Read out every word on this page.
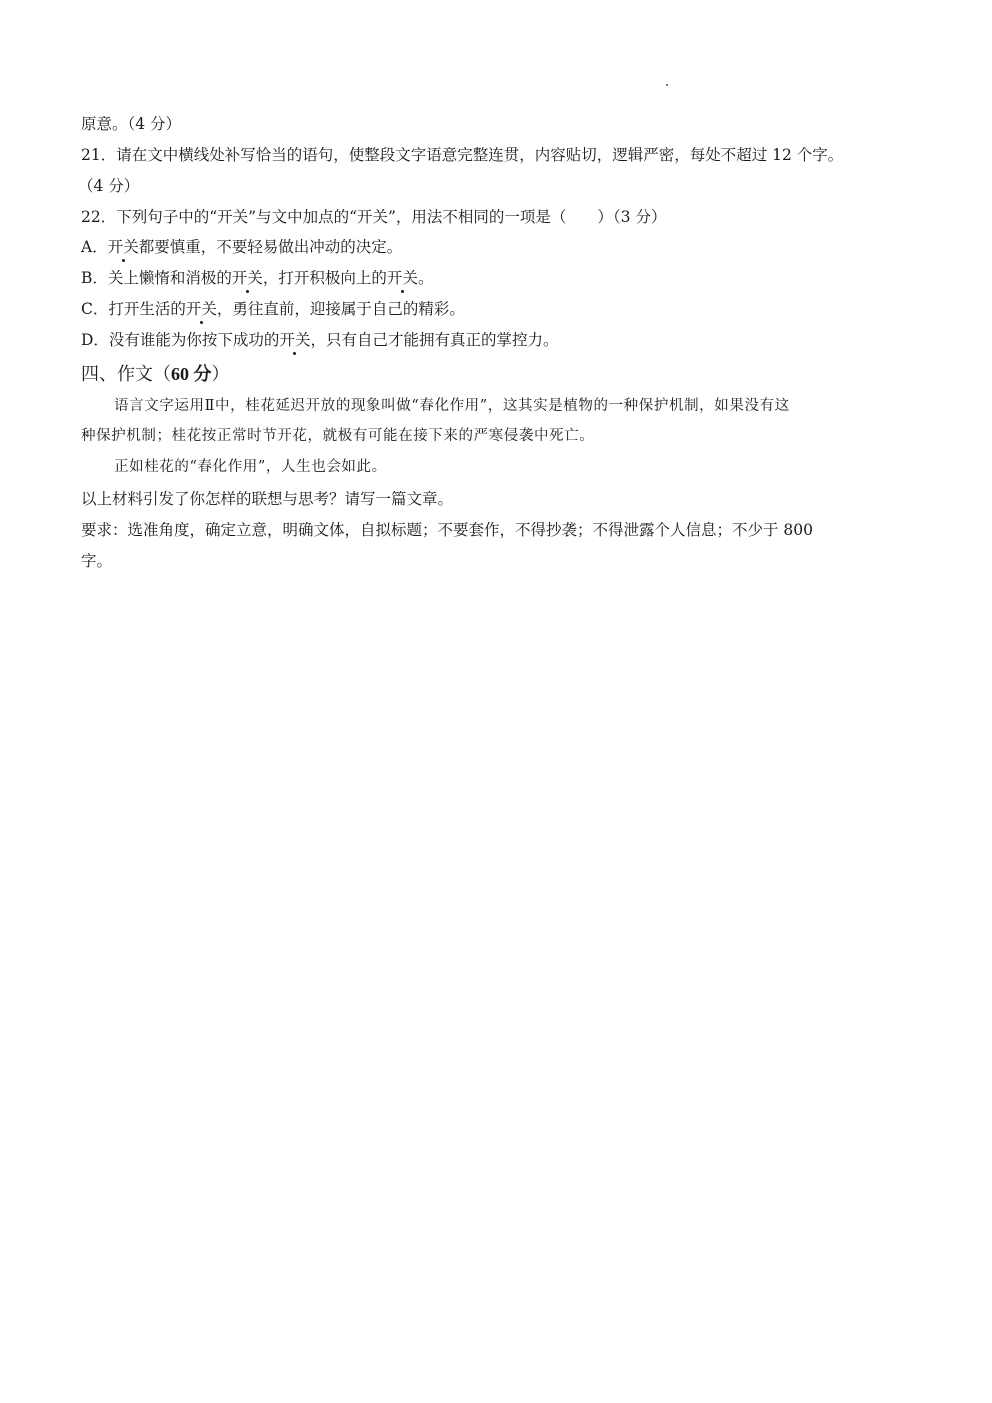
原意。（4 分）
21．请在文中横线处补写恰当的语句，使整段文字语意完整连贯，内容贴切，逻辑严密，每处不超过 12 个字。
（4 分）
22．下列句子中的“开关”与文中加点的“开关”，用法不相同的一项是（　　）（3 分）
A．开关都要慎重，不要轻易做出冲动的决定。
B．关上懒惰和消极的开关，打开积极向上的开关。
C．打开生活的开关，勇往直前，迎接属于自己的精彩。
D．没有谁能为你按下成功的开关，只有自己才能拥有真正的掌控力。
四、作文（60 分）
语言文字运用Ⅱ中，桂花延迟开放的现象叫做“春化作用”，这其实是植物的一种保护机制，如果没有这
种保护机制；桂花按正常时节开花，就极有可能在接下来的严寒侵袭中死亡。
正如桂花的“春化作用”，人生也会如此。
以上材料引发了你怎样的联想与思考？请写一篇文章。
要求：选准角度，确定立意，明确文体，自拟标题；不要套作，不得抄袭；不得泄露个人信息；不少于 800
字。
